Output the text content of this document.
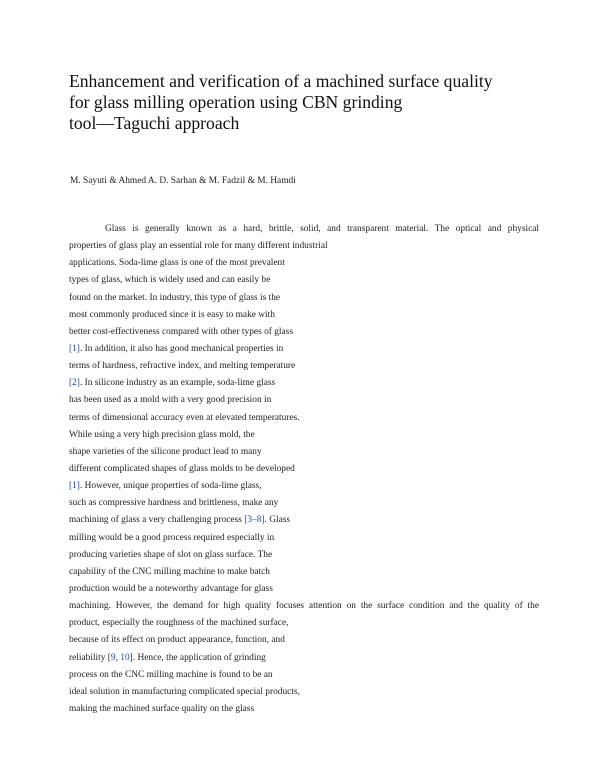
Enhancement and verification of a machined surface quality
for glass milling operation using CBN grinding
tool—Taguchi approach
M. Sayuti & Ahmed A. D. Sarhan & M. Fadzil & M. Hamdi
Glass is generally known as a hard, brittle, solid, and transparent material. The optical and physical
properties of glass play an essential role for many different industrial
applications. Soda-lime glass is one of the most prevalent
types of glass, which is widely used and can easily be
found on the market. In industry, this type of glass is the
most commonly produced since it is easy to make with
better cost-effectiveness compared with other types of glass
[1]. In addition, it also has good mechanical properties in
terms of hardness, refractive index, and melting temperature
[2]. In silicone industry as an example, soda-lime glass
has been used as a mold with a very good precision in
terms of dimensional accuracy even at elevated temperatures.
While using a very high precision glass mold, the
shape varieties of the silicone product lead to many
different complicated shapes of glass molds to be developed
[1]. However, unique properties of soda-lime glass,
such as compressive hardness and brittleness, make any
machining of glass a very challenging process [3–8]. Glass
milling would be a good process required especially in
producing varieties shape of slot on glass surface. The
capability of the CNC milling machine to make batch
production would be a noteworthy advantage for glass
machining. However, the demand for high quality focuses attention on the surface condition and the quality of the
product, especially the roughness of the machined surface,
because of its effect on product appearance, function, and
reliability [9, 10]. Hence, the application of grinding
process on the CNC milling machine is found to be an
ideal solution in manufacturing complicated special products,
making the machined surface quality on the glass
